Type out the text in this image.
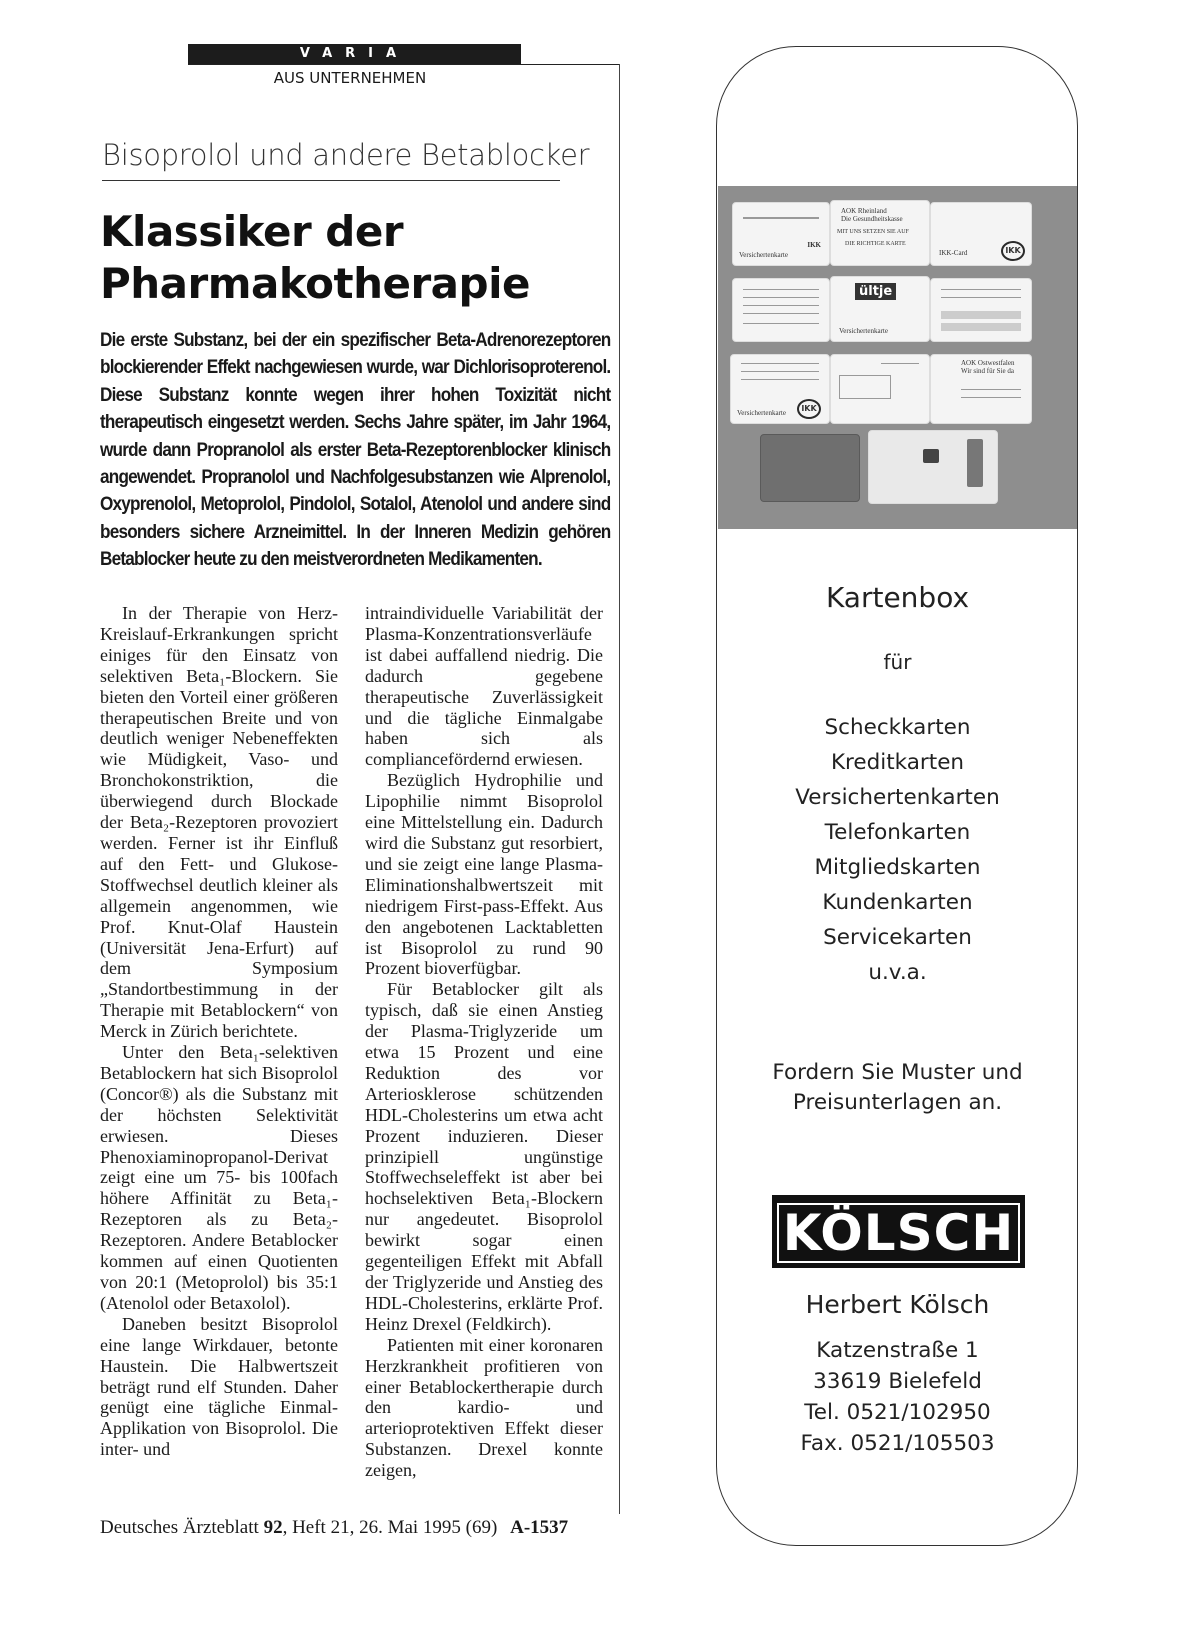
VARIA
AUS UNTERNEHMEN
Bisoprolol und andere Betablocker
Klassiker der
Pharmakotherapie

Die erste Substanz, bei der ein spezifischer Beta-Adrenorezeptoren blockierender Effekt nachgewiesen wurde, war Dichlorisoproterenol. Diese Substanz konnte wegen ihrer hohen Toxizität nicht therapeutisch eingesetzt werden. Sechs Jahre später, im Jahr 1964, wurde dann Propranolol als erster Beta-Rezeptorenblocker klinisch angewendet. Propranolol und Nachfolgesubstanzen wie Alprenolol, Oxyprenolol, Metoprolol, Pindolol, Sotalol, Atenolol und andere sind besonders sichere Arzneimittel. In der Inneren Medizin gehören Betablocker heute zu den meistverordneten Medikamenten.

In der Therapie von Herz-Kreislauf-Erkrankungen spricht einiges für den Einsatz von selektiven Beta₁-Blockern. Sie bieten den Vorteil einer größeren therapeutischen Breite und von deutlich weniger Nebeneffekten wie Müdigkeit, Vaso- und Bronchokonstriktion, die überwiegend durch Blockade der Beta₂-Rezeptoren provoziert werden. Ferner ist ihr Einfluß auf den Fett- und Glukose-Stoffwechsel deutlich kleiner als allgemein angenommen, wie Prof. Knut-Olaf Haustein (Universität Jena-Erfurt) auf dem Symposium „Standortbestimmung in der Therapie mit Betablockern“ von Merck in Zürich berichtete.

Unter den Beta₁-selektiven Betablockern hat sich Bisoprolol (Concor®) als die Substanz mit der höchsten Selektivität erwiesen. Dieses Phenoxiaminopropanol-Derivat zeigt eine um 75- bis 100fach höhere Affinität zu Beta₁-Rezeptoren als zu Beta₂-Rezeptoren. Andere Betablocker kommen auf einen Quotienten von 20:1 (Metoprolol) bis 35:1 (Atenolol oder Betaxolol).

Daneben besitzt Bisoprolol eine lange Wirkdauer, betonte Haustein. Die Halbwertszeit beträgt rund elf Stunden. Daher genügt eine tägliche Einmal-Applikation von Bisoprolol. Die inter- und

intraindividuelle Variabilität der Plasma-Konzentrationsverläufe ist dabei auffallend niedrig. Die dadurch gegebene therapeutische Zuverlässigkeit und die tägliche Einmalgabe haben sich als compliancefördernd erwiesen.

Bezüglich Hydrophilie und Lipophilie nimmt Bisoprolol eine Mittelstellung ein. Dadurch wird die Substanz gut resorbiert, und sie zeigt eine lange Plasma-Eliminationshalbwertszeit mit niedrigem First-pass-Effekt. Aus den angebotenen Lacktabletten ist Bisoprolol zu rund 90 Prozent bioverfügbar.

Für Betablocker gilt als typisch, daß sie einen Anstieg der Plasma-Triglyzeride um etwa 15 Prozent und eine Reduktion des vor Arteriosklerose schützenden HDL-Cholesterins um etwa acht Prozent induzieren. Dieser prinzipiell ungünstige Stoffwechseleffekt ist aber bei hochselektiven Beta₁-Blockern nur angedeutet. Bisoprolol bewirkt sogar einen gegenteiligen Effekt mit Abfall der Triglyzeride und Anstieg des HDL-Cholesterins, erklärte Prof. Heinz Drexel (Feldkirch).

Patienten mit einer koronaren Herzkrankheit profitieren von einer Betablockertherapie durch den kardio- und arterioprotektiven Effekt dieser Substanzen. Drexel konnte zeigen,

Deutsches Ärzteblatt 92, Heft 21, 26. Mai 1995 (69) A-1537
Versichertenkarte
IKK
AOK Rheinland
Die Gesundheitskasse
MIT UNS SETZEN SIE AUF
DIE RICHTIGE KARTE
IKK-Card	IKK
ültje
Versichertenkarte
Versichertenkarte	IKK
AOK Ostwestfalen
Wir sind für Sie da
Kartenbox
für
Scheckkarten
Kreditkarten
Versichertenkarten
Telefonkarten
Mitgliedskarten
Kundenkarten
Servicekarten
u.v.a.
Fordern Sie Muster und
Preisunterlagen an.
KÖLSCH
Herbert Kölsch
Katzenstraße 1
33619 Bielefeld
Tel. 0521/102950
Fax. 0521/105503
